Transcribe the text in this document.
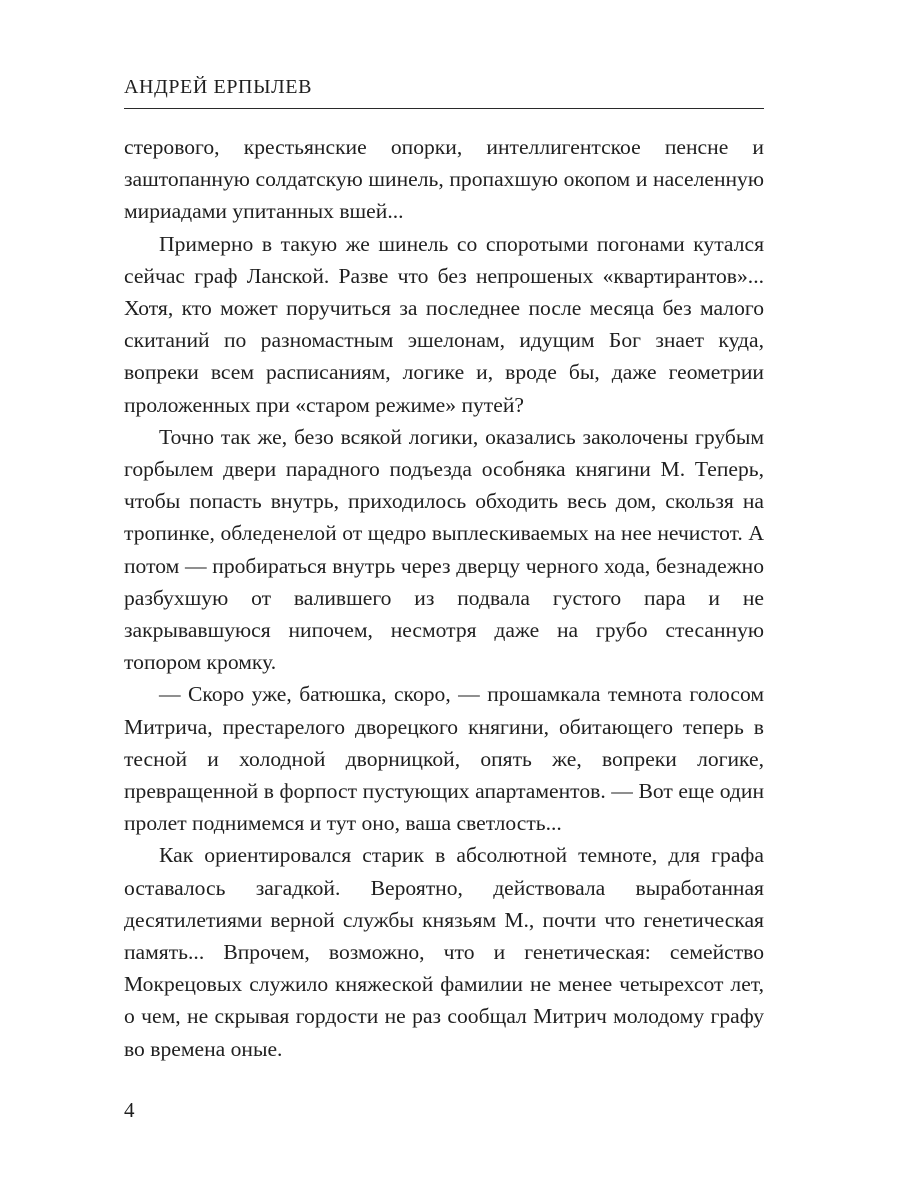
АНДРЕЙ ЕРПЫЛЕВ

стерового, крестьянские опорки, интеллигентское пенсне и заштопанную солдатскую шинель, пропахшую окопом и населенную мириадами упитанных вшей...

Примерно в такую же шинель со споротыми погонами кутался сейчас граф Ланской. Разве что без непрошеных «квартирантов»... Хотя, кто может поручиться за последнее после месяца без малого скитаний по разномастным эшелонам, идущим Бог знает куда, вопреки всем расписаниям, логике и, вроде бы, даже геометрии проложенных при «старом режиме» путей?

Точно так же, безо всякой логики, оказались заколочены грубым горбылем двери парадного подъезда особняка княгини М. Теперь, чтобы попасть внутрь, приходилось обходить весь дом, скользя на тропинке, обледенелой от щедро выплескиваемых на нее нечистот. А потом — пробираться внутрь через дверцу черного хода, безнадежно разбухшую от валившего из подвала густого пара и не закрывавшуюся нипочем, несмотря даже на грубо стесанную топором кромку.

— Скоро уже, батюшка, скоро, — прошамкала темнота голосом Митрича, престарелого дворецкого княгини, обитающего теперь в тесной и холодной дворницкой, опять же, вопреки логике, превращенной в форпост пустующих апартаментов. — Вот еще один пролет поднимемся и тут оно, ваша светлость...

Как ориентировался старик в абсолютной темноте, для графа оставалось загадкой. Вероятно, действовала выработанная десятилетиями верной службы князьям М., почти что генетическая память... Впрочем, возможно, что и генетическая: семейство Мокрецовых служило княжеской фамилии не менее четырехсот лет, о чем, не скрывая гордости не раз сообщал Митрич молодому графу во времена оные.

4
